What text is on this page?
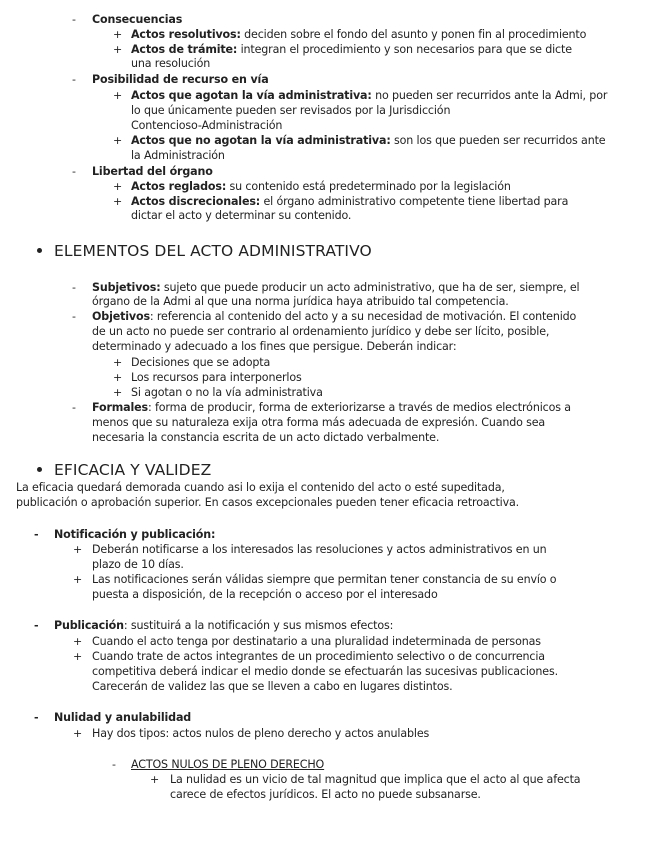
- Consecuencias
+ Actos resolutivos: deciden sobre el fondo del asunto y ponen fin al procedimiento
+ Actos de trámite: integran el procedimiento y son necesarios para que se dicte
una resolución
- Posibilidad de recurso en vía
+ Actos que agotan la vía administrativa: no pueden ser recurridos ante la Admi, por
lo que únicamente pueden ser revisados por la Jurisdicción
Contencioso-Administración
+ Actos que no agotan la vía administrativa: son los que pueden ser recurridos ante
la Administración
- Libertad del órgano
+ Actos reglados: su contenido está predeterminado por la legislación
+ Actos discrecionales: el órgano administrativo competente tiene libertad para
dictar el acto y determinar su contenido.
ELEMENTOS DEL ACTO ADMINISTRATIVO
- Subjetivos: sujeto que puede producir un acto administrativo, que ha de ser, siempre, el
órgano de la Admi al que una norma jurídica haya atribuido tal competencia.
- Objetivos: referencia al contenido del acto y a su necesidad de motivación. El contenido
de un acto no puede ser contrario al ordenamiento jurídico y debe ser lícito, posible,
determinado y adecuado a los fines que persigue. Deberán indicar:
+ Decisiones que se adopta
+ Los recursos para interponerlos
+ Si agotan o no la vía administrativa
- Formales: forma de producir, forma de exteriorizarse a través de medios electrónicos a
menos que su naturaleza exija otra forma más adecuada de expresión. Cuando sea
necesaria la constancia escrita de un acto dictado verbalmente.
EFICACIA Y VALIDEZ
La eficacia quedará demorada cuando asi lo exija el contenido del acto o esté supeditada,
publicación o aprobación superior. En casos excepcionales pueden tener eficacia retroactiva.
- Notificación y publicación:
+ Deberán notificarse a los interesados las resoluciones y actos administrativos en un
plazo de 10 días.
+ Las notificaciones serán válidas siempre que permitan tener constancia de su envío o
puesta a disposición, de la recepción o acceso por el interesado
- Publicación: sustituirá a la notificación y sus mismos efectos:
+ Cuando el acto tenga por destinatario a una pluralidad indeterminada de personas
+ Cuando trate de actos integrantes de un procedimiento selectivo o de concurrencia
competitiva deberá indicar el medio donde se efectuarán las sucesivas publicaciones.
Carecerán de validez las que se lleven a cabo en lugares distintos.
- Nulidad y anulabilidad
+ Hay dos tipos: actos nulos de pleno derecho y actos anulables
- ACTOS NULOS DE PLENO DERECHO
+ La nulidad es un vicio de tal magnitud que implica que el acto al que afecta
carece de efectos jurídicos. El acto no puede subsanarse.
